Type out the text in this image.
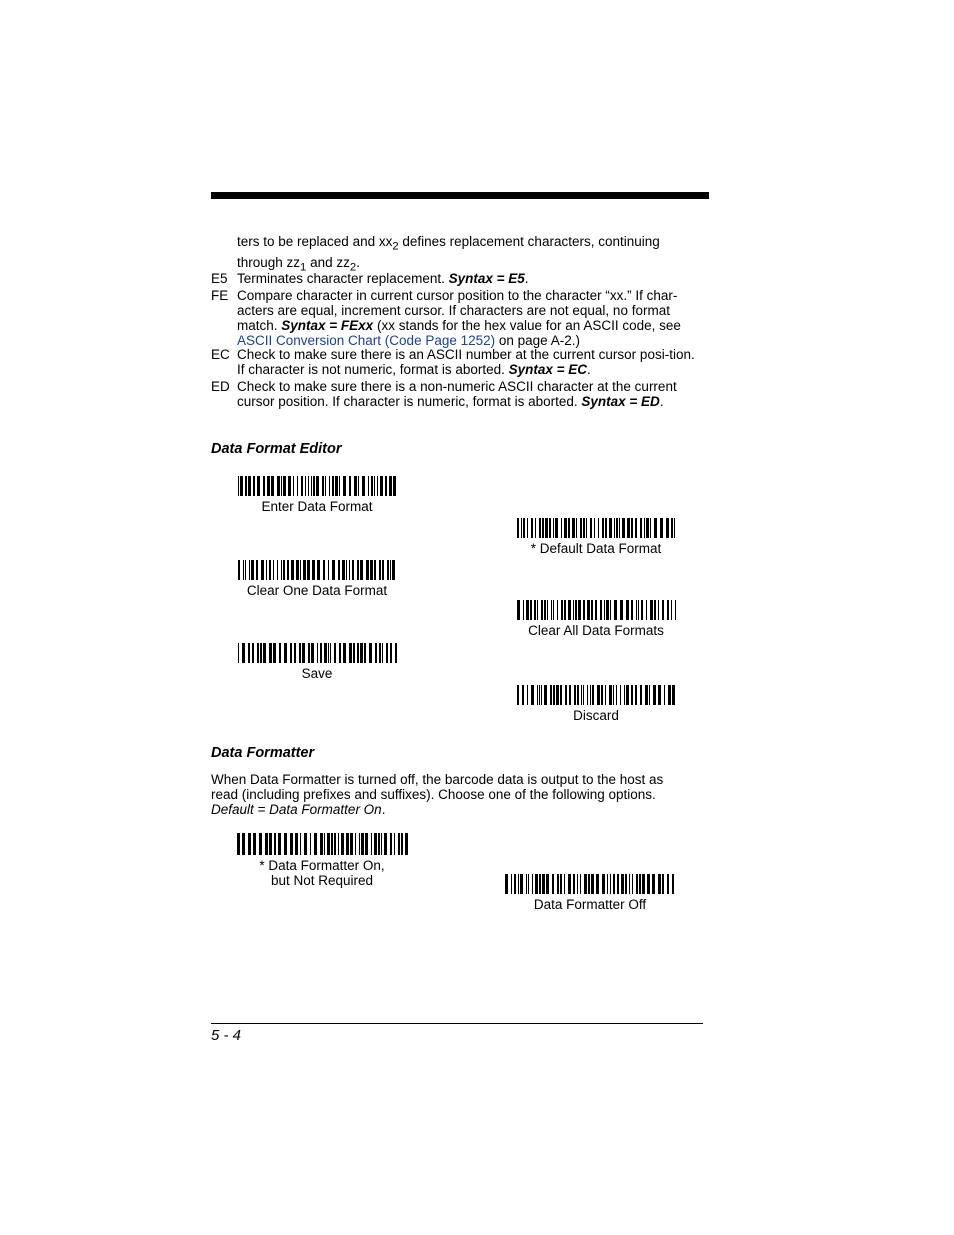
ters to be replaced and $xx_2$ defines replacement characters, continuing
through $zz_1$ and $zz_2$.
E5 Terminates character replacement. Syntax = E5.
FE Compare character in current cursor position to the character “xx.” If char-acters are equal, increment cursor. If characters are not equal, no format match. Syntax = FExx (xx stands for the hex value for an ASCII code, see ASCII Conversion Chart (Code Page 1252) on page A-2.)
EC Check to make sure there is an ASCII number at the current cursor posi-tion. If character is not numeric, format is aborted. Syntax = EC.
ED Check to make sure there is a non-numeric ASCII character at the current cursor position. If character is numeric, format is aborted. Syntax = ED.
Data Format Editor
Enter Data Format
* Default Data Format
Clear One Data Format
Clear All Data Formats
Save
Discard
Data Formatter
When Data Formatter is turned off, the barcode data is output to the host as read (including prefixes and suffixes). Choose one of the following options. Default = Data Formatter On.
* Data Formatter On,
but Not Required
Data Formatter Off
5 - 4
